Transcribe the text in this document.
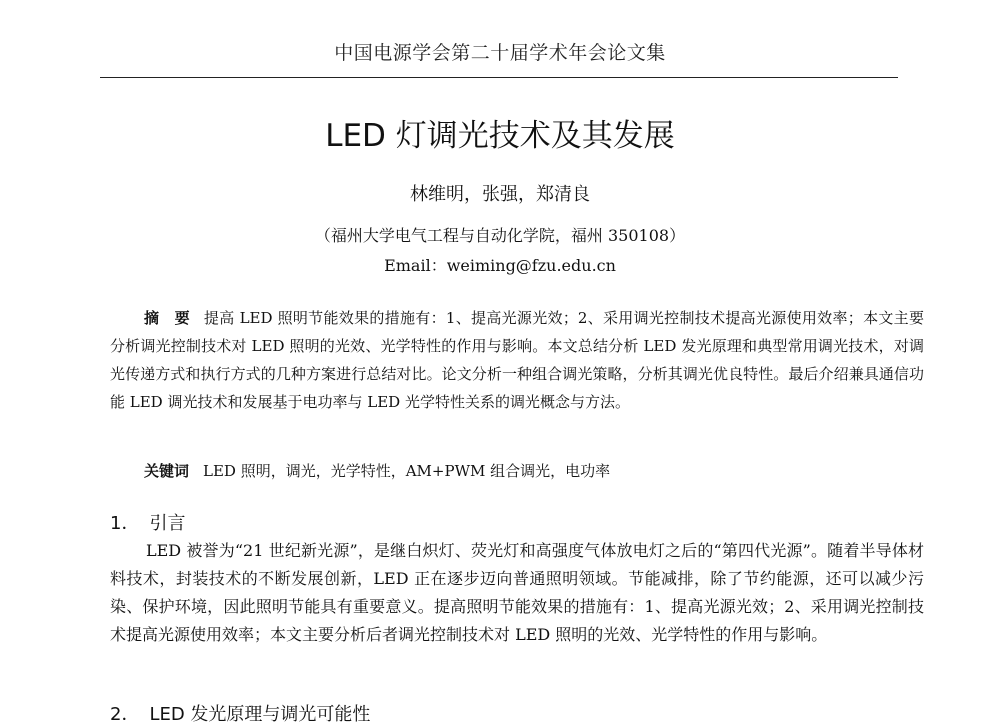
中国电源学会第二十届学术年会论文集
LED 灯调光技术及其发展
林维明，张强，郑清良
（福州大学电气工程与自动化学院，福州 350108）
Email：weiming@fzu.edu.cn
摘　要 提高 LED 照明节能效果的措施有：1、提高光源光效；2、采用调光控制技术提高光源使用效率；本文主要分析调光控制技术对 LED 照明的光效、光学特性的作用与影响。本文总结分析 LED 发光原理和典型常用调光技术，对调光传递方式和执行方式的几种方案进行总结对比。论文分析一种组合调光策略，分析其调光优良特性。最后介绍兼具通信功能 LED 调光技术和发展基于电功率与 LED 光学特性关系的调光概念与方法。
关键词 LED 照明，调光，光学特性，AM+PWM 组合调光，电功率
1． 引言
LED 被誉为“21 世纪新光源”，是继白炽灯、荧光灯和高强度气体放电灯之后的“第四代光源”。随着半导体材料技术，封装技术的不断发展创新，LED 正在逐步迈向普通照明领域。节能减排，除了节约能源，还可以减少污染、保护环境，因此照明节能具有重要意义。提高照明节能效果的措施有：1、提高光源光效；2、采用调光控制技术提高光源使用效率；本文主要分析后者调光控制技术对 LED 照明的光效、光学特性的作用与影响。
2． LED 发光原理与调光可能性
